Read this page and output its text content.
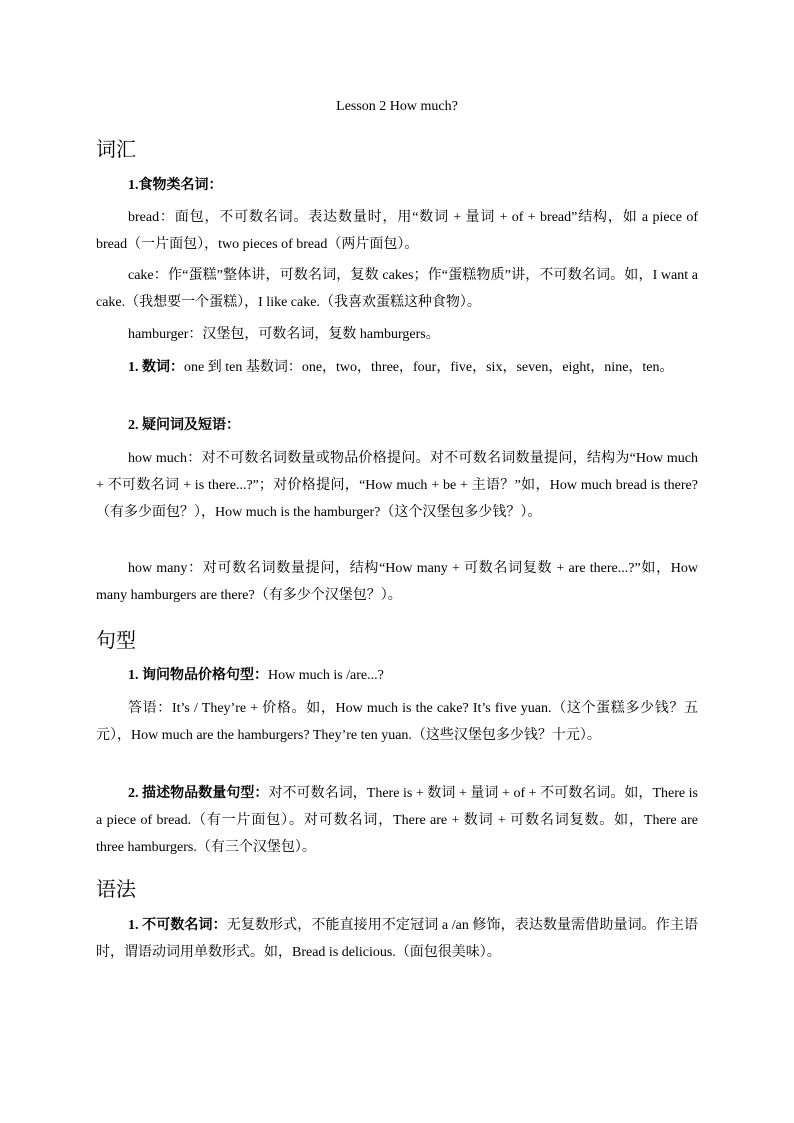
Lesson 2 How much?
词汇
1.食物类名词：
bread：面包，不可数名词。表达数量时，用“数词 + 量词 + of + bread”结构，如 a piece of bread（一片面包），two pieces of bread（两片面包）。
cake：作“蛋糕”整体讲，可数名词，复数 cakes；作“蛋糕物质”讲，不可数名词。如，I want a cake.（我想要一个蛋糕），I like cake.（我喜欢蛋糕这种食物）。
hamburger：汉堡包，可数名词，复数 hamburgers。
1. 数词：one 到 ten 基数词：one，two，three，four，five，six，seven，eight，nine，ten。
2. 疑问词及短语：
how much：对不可数名词数量或物品价格提问。对不可数名词数量提问，结构为“How much + 不可数名词 + is there...?”；对价格提问，“How much + be + 主语？”如，How much bread is there?（有多少面包？），How much is the hamburger?（这个汉堡包多少钱？）。
how many：对可数名词数量提问，结构“How many + 可数名词复数 + are there...?”如，How many hamburgers are there?（有多少个汉堡包？）。
句型
1. 询问物品价格句型：How much is /are...?
答语：It’s / They’re + 价格。如，How much is the cake? It’s five yuan.（这个蛋糕多少钱？五元），How much are the hamburgers? They’re ten yuan.（这些汉堡包多少钱？十元）。
2. 描述物品数量句型：对不可数名词，There is + 数词 + 量词 + of + 不可数名词。如，There is a piece of bread.（有一片面包）。对可数名词，There are + 数词 + 可数名词复数。如，There are three hamburgers.（有三个汉堡包）。
语法
1. 不可数名词：无复数形式，不能直接用不定冠词 a /an 修饰，表达数量需借助量词。作主语时，谓语动词用单数形式。如，Bread is delicious.（面包很美味）。
